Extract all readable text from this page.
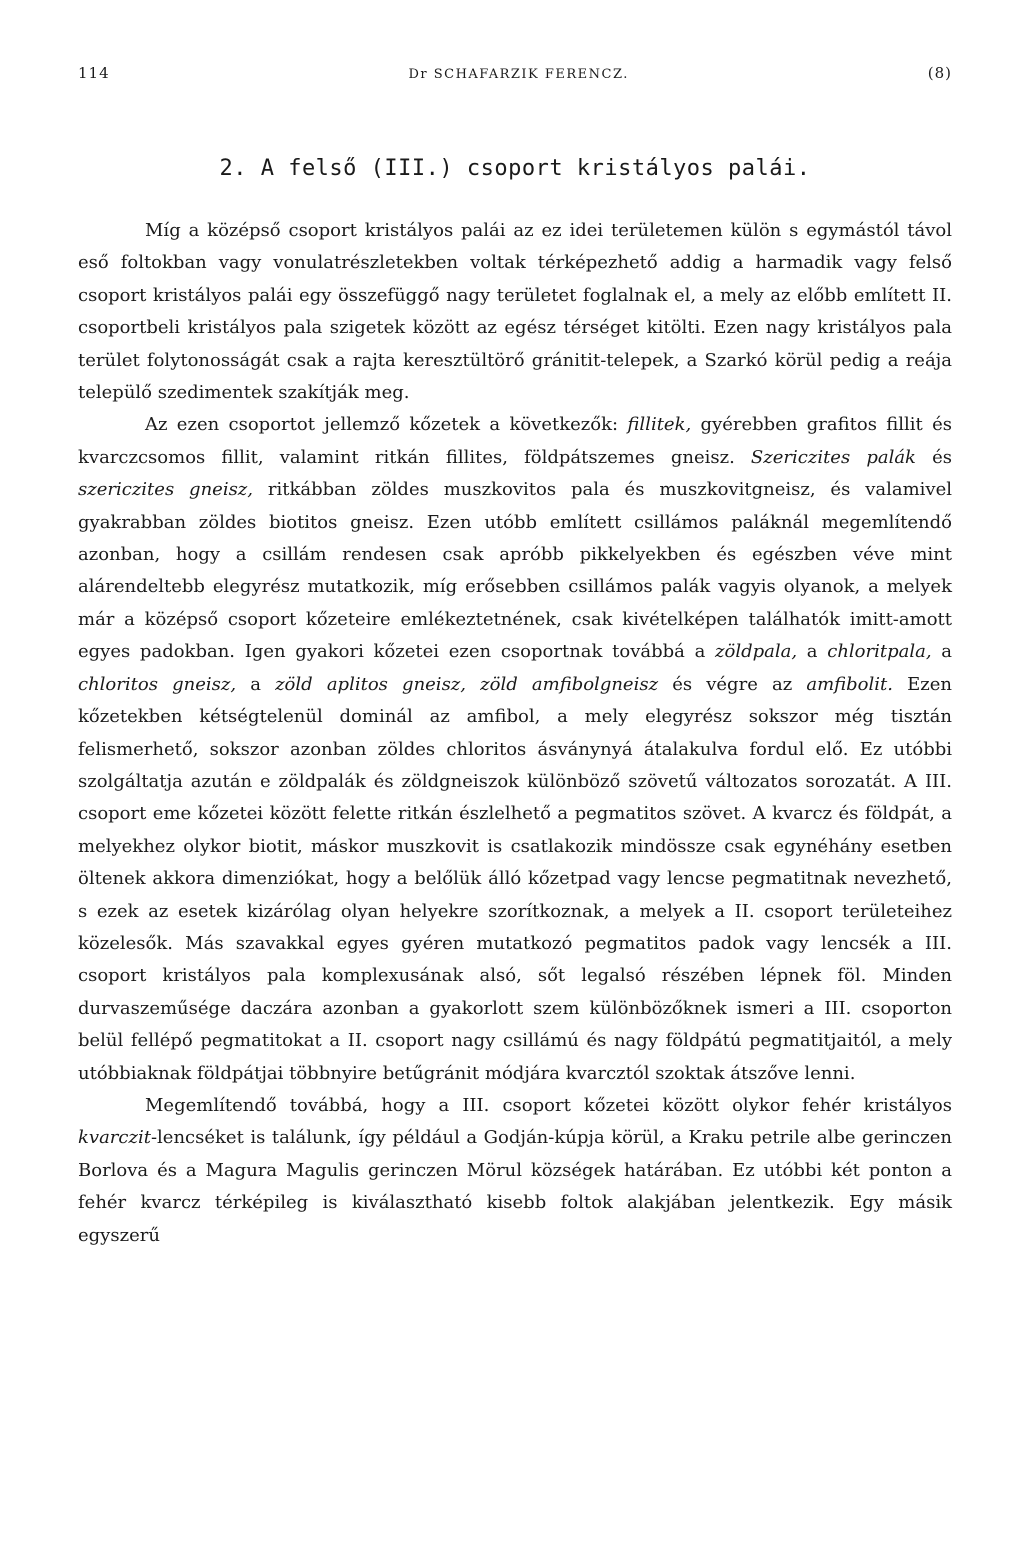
114	Dr SCHAFARZIK FERENCZ.	(8)
2. A felső (III.) csoport kristályos palái.

Míg a középső csoport kristályos palái az ez idei területemen külön s egymástól távol eső foltokban vagy vonulatrészletekben voltak térképezhető addig a harmadik vagy felső csoport kristályos palái egy összefüggő nagy területet foglalnak el, a mely az előbb említett II. csoportbeli kristályos pala szigetek között az egész térséget kitölti. Ezen nagy kristályos pala terület folytonosságát csak a rajta keresztültörő gránitit-telepek, a Szarkó körül pedig a reája települő szedimentek szakítják meg.

Az ezen csoportot jellemző kőzetek a következők: fillitek, gyérebben grafitos fillit és kvarczcsomos fillit, valamint ritkán fillites, földpátszemes gneisz. Szericzites palák és szericzites gneisz, ritkábban zöldes muszkovitos pala és muszkovitgneisz, és valamivel gyakrabban zöldes biotitos gneisz. Ezen utóbb említett csillámos paláknál megemlítendő azonban, hogy a csillám rendesen csak apróbb pikkelyekben és egészben véve mint alárendeltebb elegyrész mutatkozik, míg erősebben csillámos palák vagyis olyanok, a melyek már a középső csoport kőzeteire emlékeztetnének, csak kivételképen találhatók imitt-amott egyes padokban. Igen gyakori kőzetei ezen csoportnak továbbá a zöldpala, a chloritpala, a chloritos gneisz, a zöld aplitos gneisz, zöld amfibolgneisz és végre az amfibolit. Ezen kőzetekben kétségtelenül dominál az amfibol, a mely elegyrész sokszor még tisztán felismerhető, sokszor azonban zöldes chloritos ásványnyá átalakulva fordul elő. Ez utóbbi szolgáltatja azután e zöldpalák és zöldgneiszok különböző szövetű változatos sorozatát. A III. csoport eme kőzetei között felette ritkán észlelhető a pegmatitos szövet. A kvarcz és földpát, a melyekhez olykor biotit, máskor muszkovit is csatlakozik mindössze csak egynéhány esetben öltenek akkora dimenziókat, hogy a belőlük álló kőzetpad vagy lencse pegmatitnak nevezhető, s ezek az esetek kizárólag olyan helyekre szorítkoznak, a melyek a II. csoport területeihez közelesők. Más szavakkal egyes gyéren mutatkozó pegmatitos padok vagy lencsék a III. csoport kristályos pala komplexusának alsó, sőt legalsó részében lépnek föl. Minden durvaszeműsége daczára azonban a gyakorlott szem különbözőknek ismeri a III. csoporton belül fellépő pegmatitokat a II. csoport nagy csillámú és nagy földpátú pegmatitjaitól, a mely utóbbiaknak földpátjai többnyire betűgránit módjára kvarcztól szoktak átszőve lenni.

Megemlítendő továbbá, hogy a III. csoport kőzetei között olykor fehér kristályos kvarczit-lencséket is találunk, így például a Godján-kúpja körül, a Kraku petrile albe gerinczen Borlova és a Magura Magulis gerinczen Mörul községek határában. Ez utóbbi két ponton a fehér kvarcz térképileg is kiválasztható kisebb foltok alakjában jelentkezik. Egy másik egyszerű
